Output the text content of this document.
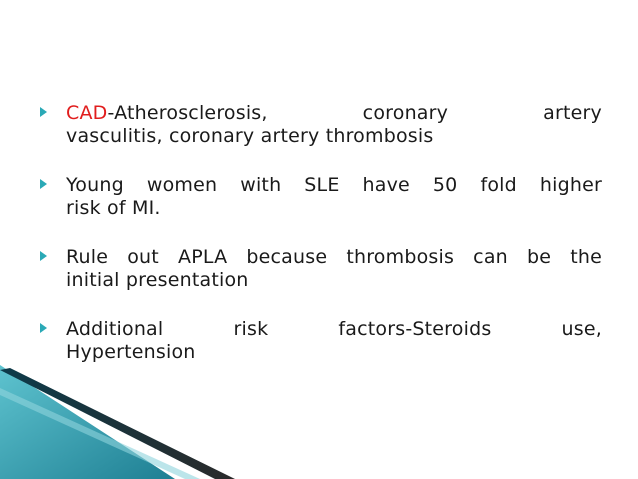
CAD-Atherosclerosis, coronary artery
vasculitis, coronary artery thrombosis
Young women with SLE have 50 fold higher
risk of MI.
Rule out APLA because thrombosis can be the
initial presentation
Additional risk factors-Steroids use,
Hypertension
